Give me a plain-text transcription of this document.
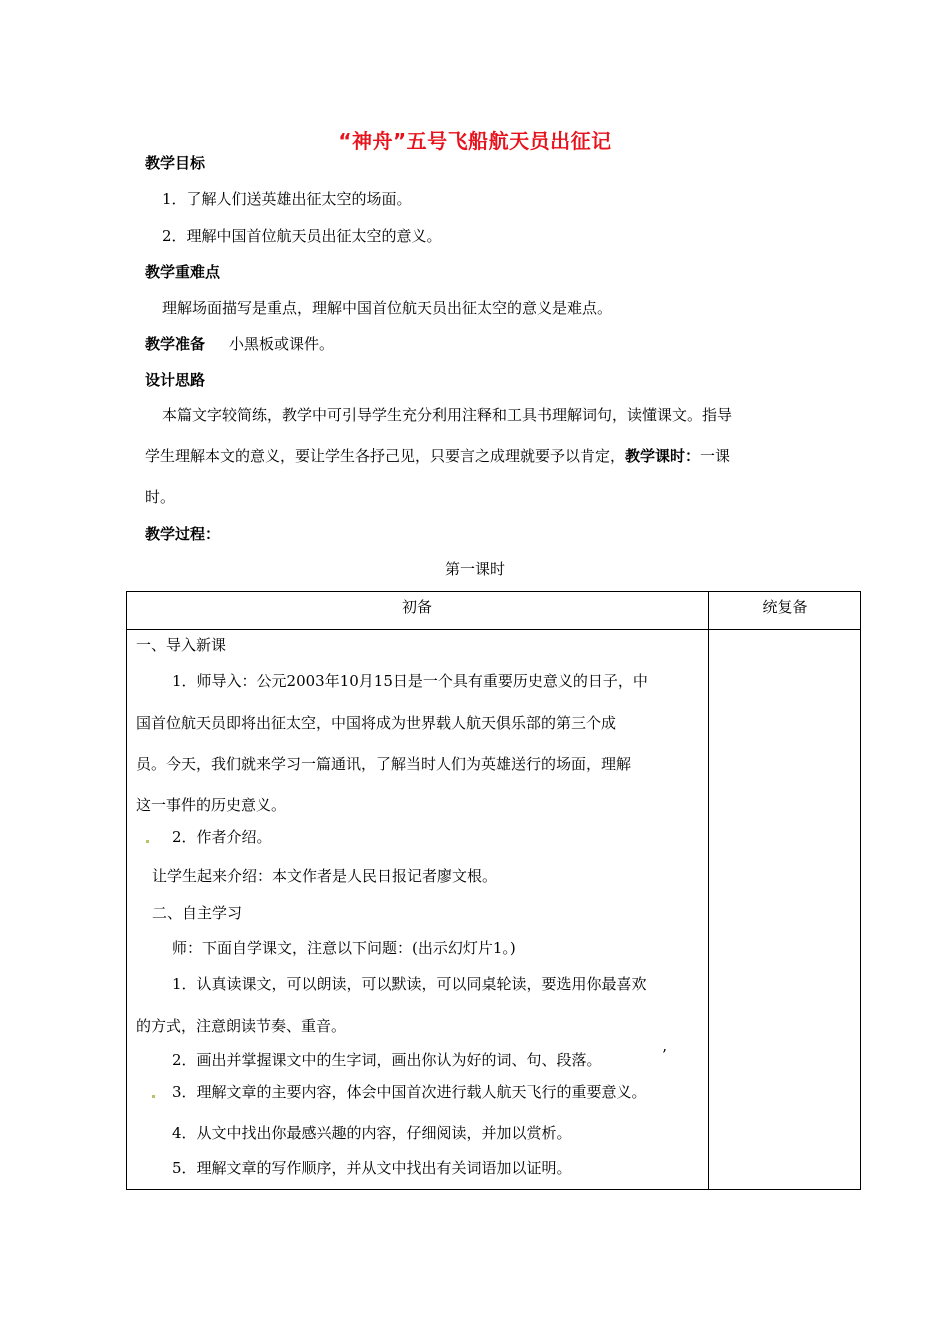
“神舟”五号飞船航天员出征记
教学目标
1．了解人们送英雄出征太空的场面。
2．理解中国首位航天员出征太空的意义。
教学重难点
理解场面描写是重点，理解中国首位航天员出征太空的意义是难点。
教学准备 小黑板或课件。
设计思路
本篇文字较简练，教学中可引导学生充分利用注释和工具书理解词句，读懂课文。指导
学生理解本文的意义，要让学生各抒己见，只要言之成理就要予以肯定，教学课时：一课
时。
教学过程：
第一课时
初备	统复备
一、导入新课
1．师导入：公元2003年10月15日是一个具有重要历史意义的日子，中
国首位航天员即将出征太空，中国将成为世界载人航天俱乐部的第三个成
员。今天，我们就来学习一篇通讯，了解当时人们为英雄送行的场面，理解
这一事件的历史意义。
2．作者介绍。
让学生起来介绍：本文作者是人民日报记者廖文根。
二、自主学习
师：下面自学课文，注意以下问题：(出示幻灯片1。)
1．认真读课文，可以朗读，可以默读，可以同桌轮读，要选用你最喜欢
的方式，注意朗读节奏、重音。
2．画出并掌握课文中的生字词，画出你认为好的词、句、段落。	’
3．理解文章的主要内容，体会中国首次进行载人航天飞行的重要意义。
4．从文中找出你最感兴趣的内容，仔细阅读，并加以赏析。
5．理解文章的写作顺序，并从文中找出有关词语加以证明。
